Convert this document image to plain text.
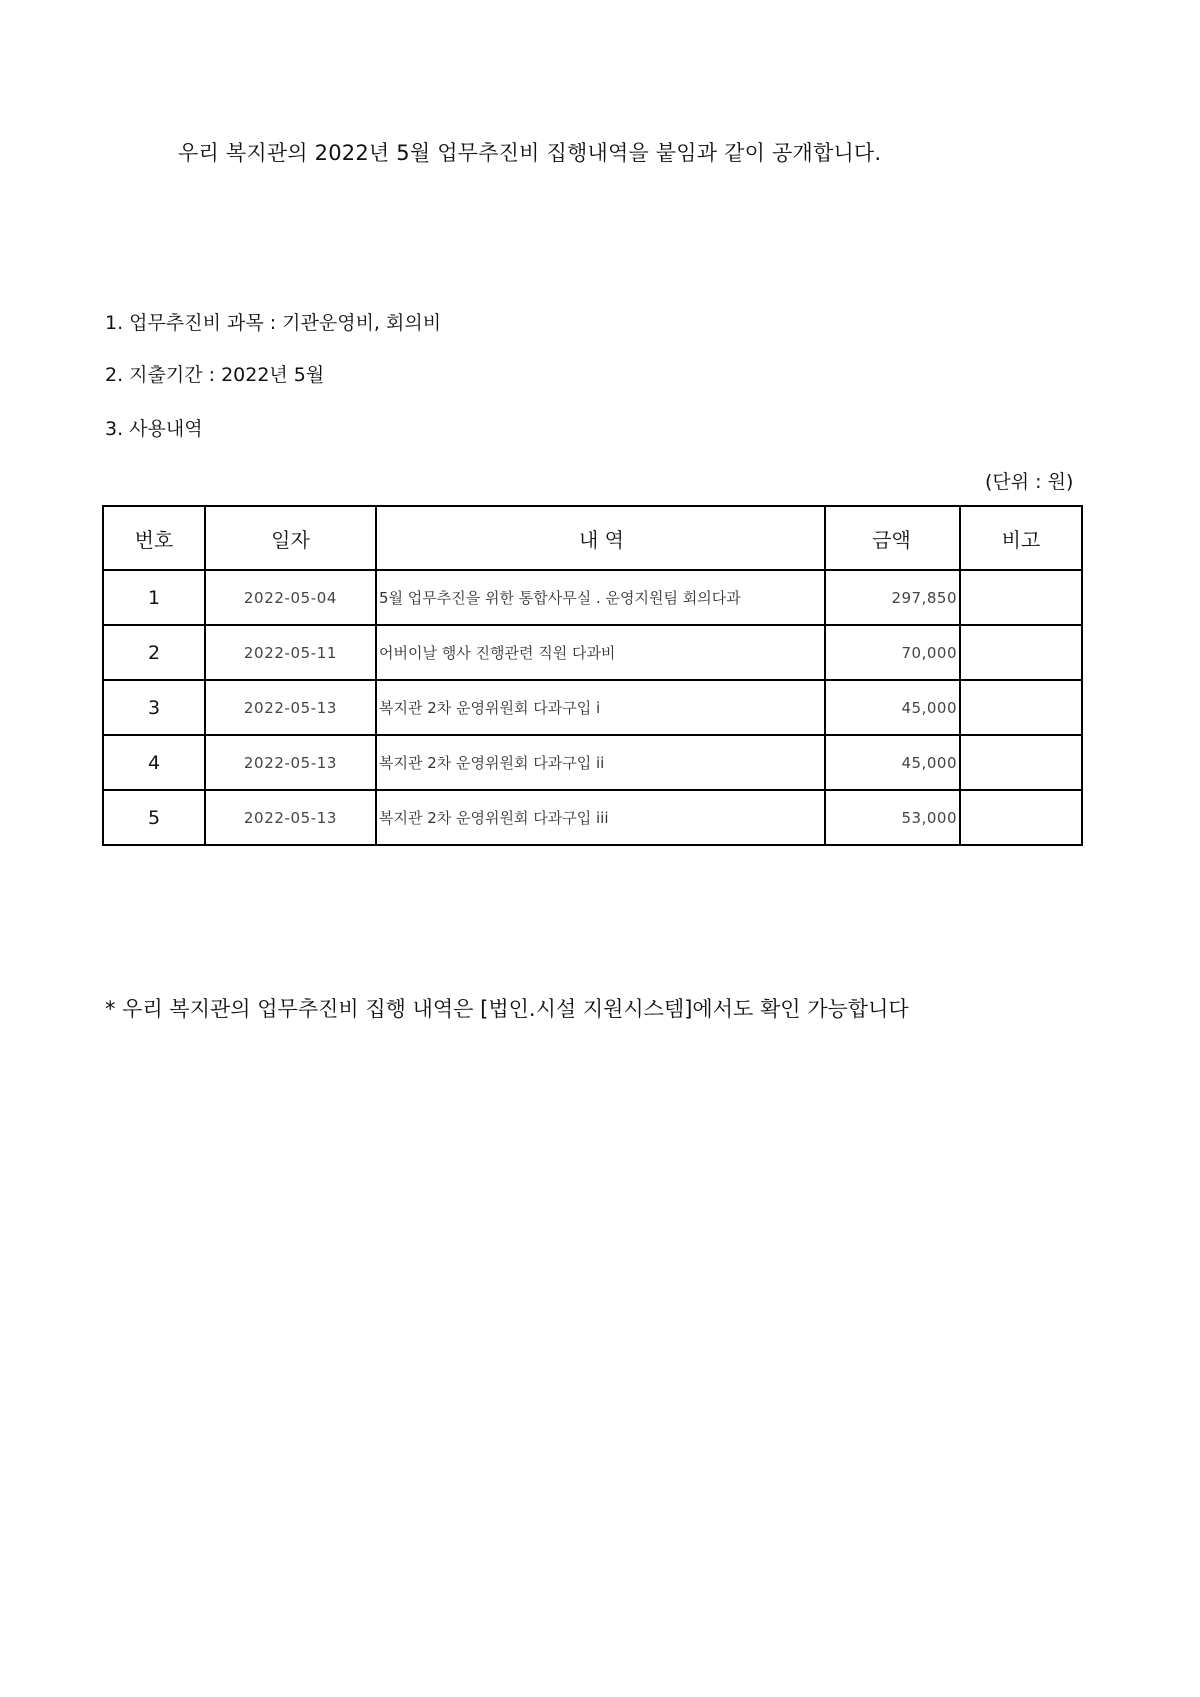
우리 복지관의 2022년 5월 업무추진비 집행내역을 붙임과 같이 공개합니다.
1. 업무추진비 과목 : 기관운영비, 회의비
2. 지출기간 : 2022년 5월
3. 사용내역
(단위 : 원)
번호	일자	내 역	금액	비고
1	2022-05-04	5월 업무추진을 위한 통합사무실 . 운영지원팀 회의다과	297,850	
2	2022-05-11	어버이날 행사 진행관련 직원 다과비	70,000	
3	2022-05-13	복지관 2차 운영위원회 다과구입 i	45,000	
4	2022-05-13	복지관 2차 운영위원회 다과구입 ii	45,000	
5	2022-05-13	복지관 2차 운영위원회 다과구입 iii	53,000	
* 우리 복지관의 업무추진비 집행 내역은 [법인.시설 지원시스템]에서도 확인 가능합니다
